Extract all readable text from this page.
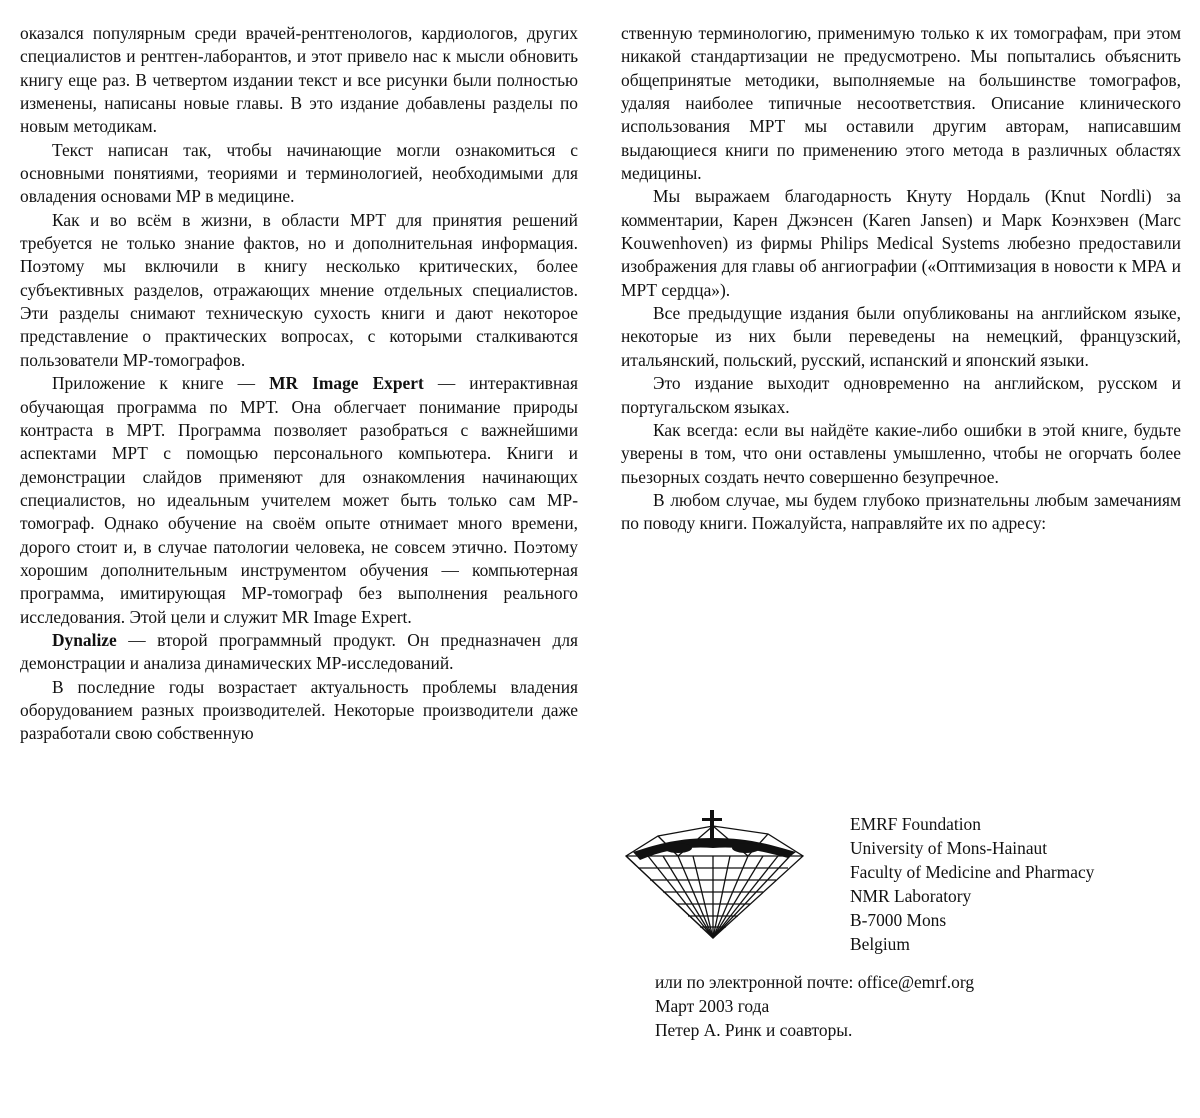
оказался популярным среди врачей-рентгенологов, кардиологов, других специалистов и рентген-лаборантов, и этот привело нас к мысли обновить книгу еще раз. В четвертом издании текст и все рисунки были полностью изменены, написаны новые главы. В это издание добавлены разделы по новым методикам.

Текст написан так, чтобы начинающие могли ознакомиться с основными понятиями, теориями и терминологией, необходимыми для овладения основами МР в медицине.

Как и во всём в жизни, в области МРТ для принятия решений требуется не только знание фактов, но и дополнительная информация. Поэтому мы включили в книгу несколько критических, более субъективных разделов, отражающих мнение отдельных специалистов. Эти разделы снимают техническую сухость книги и дают некоторое представление о практических вопросах, с которыми сталкиваются пользователи МР-томографов.

Приложение к книге — MR Image Expert — интерактивная обучающая программа по МРТ. Она облегчает понимание природы контраста в МРТ. Программа позволяет разобраться с важнейшими аспектами МРТ с помощью персонального компьютера. Книги и демонстрации слайдов применяют для ознакомления начинающих специалистов, но идеальным учителем может быть только сам МР-томограф. Однако обучение на своём опыте отнимает много времени, дорого стоит и, в случае патологии человека, не совсем этично. Поэтому хорошим дополнительным инструментом обучения — компьютерная программа, имитирующая МР-томограф без выполнения реального исследования. Этой цели и служит MR Image Expert.

Dynalize — второй программный продукт. Он предназначен для демонстрации и анализа динамических МР-исследований.

В последние годы возрастает актуальность проблемы владения оборудованием разных производителей. Некоторые производители даже разработали свою собственную

ственную терминологию, применимую только к их томографам, при этом никакой стандартизации не предусмотрено. Мы попытались объяснить общепринятые методики, выполняемые на большинстве томографов, удаляя наиболее типичные несоответствия. Описание клинического использования МРТ мы оставили другим авторам, написавшим выдающиеся книги по применению этого метода в различных областях медицины.

Мы выражаем благодарность Кнуту Нордаль (Knut Nordli) за комментарии, Карен Джэнсен (Karen Jansen) и Марк Коэнхэвен (Marc Kouwenhoven) из фирмы Philips Medical Systems любезно предоставили изображения для главы об ангиографии («Оптимизация в новости к МРА и МРТ сердца»).

Все предыдущие издания были опубликованы на английском языке, некоторые из них были переведены на немецкий, французский, итальянский, польский, русский, испанский и японский языки.

Это издание выходит одновременно на английском, русском и португальском языках.

Как всегда: если вы найдёте какие-либо ошибки в этой книге, будьте уверены в том, что они оставлены умышленно, чтобы не огорчать более пьезорных создать нечто совершенно безупречное.

В любом случае, мы будем глубоко признательны любым замечаниям по поводу книги. Пожалуйста, направляйте их по адресу:

EMRF Foundation
University of Mons-Hainaut
Faculty of Medicine and Pharmacy
NMR Laboratory
B-7000 Mons
Belgium
или по электронной почте: office@emrf.org
Март 2003 года
Петер А. Ринк и соавторы.
